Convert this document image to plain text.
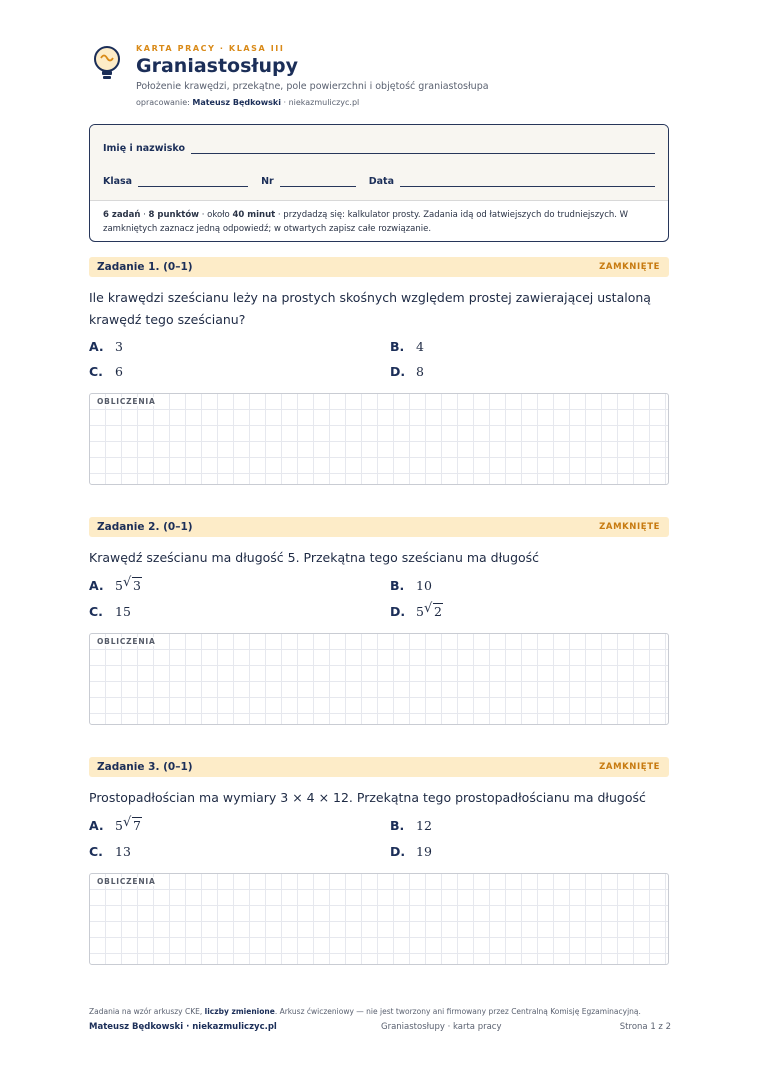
KARTA PRACY · KLASA III
Graniastosłupy
Położenie krawędzi, przekątne, pole powierzchni i objętość graniastosłupa
opracowanie: Mateusz Będkowski · niekazmuliczyc.pl
Imię i nazwisko
Klasa	Nr	Data
6 zadań · 8 punktów · około 40 minut · przydadzą się: kalkulator prosty. Zadania idą od łatwiejszych do trudniejszych. W zamkniętych zaznacz jedną odpowiedź; w otwartych zapisz całe rozwiązanie.
Zadanie 1. (0–1)	ZAMKNIĘTE
Ile krawędzi sześcianu leży na prostych skośnych względem prostej zawierającej ustaloną krawędź tego sześcianu?
A. 3	B. 4
C. 6	D. 8
OBLICZENIA
Zadanie 2. (0–1)	ZAMKNIĘTE
Krawędź sześcianu ma długość 5. Przekątna tego sześcianu ma długość
A. 5 √ 3	B. 10
C. 15	D. 5 √ 2
OBLICZENIA
Zadanie 3. (0–1)	ZAMKNIĘTE
Prostopadłościan ma wymiary 3 × 4 × 12. Przekątna tego prostopadłościanu ma długość
A. 5 √ 7	B. 12
C. 13	D. 19
OBLICZENIA
Zadania na wzór arkuszy CKE, liczby zmienione. Arkusz ćwiczeniowy — nie jest tworzony ani firmowany przez Centralną Komisję Egzaminacyjną.
Mateusz Będkowski · niekazmuliczyc.pl	Graniastosłupy · karta pracy	Strona 1 z 2
